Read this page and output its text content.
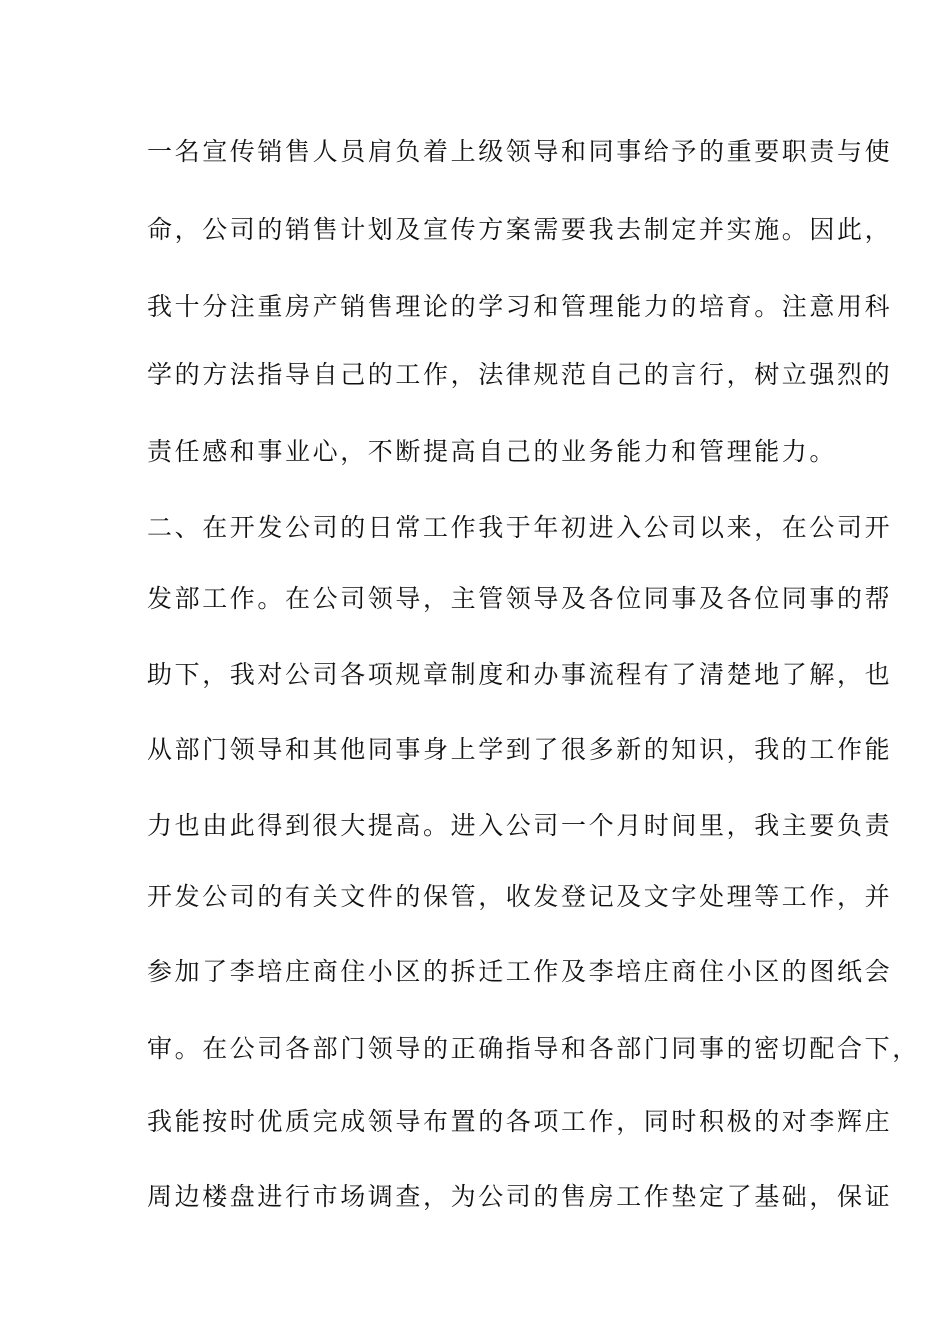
一名宣传销售人员肩负着上级领导和同事给予的重要职责与使
命，公司的销售计划及宣传方案需要我去制定并实施。因此，
我十分注重房产销售理论的学习和管理能力的培育。注意用科
学的方法指导自己的工作，法律规范自己的言行，树立强烈的
责任感和事业心，不断提高自己的业务能力和管理能力。
二、在开发公司的日常工作我于年初进入公司以来，在公司开
发部工作。在公司领导，主管领导及各位同事及各位同事的帮
助下，我对公司各项规章制度和办事流程有了清楚地了解，也
从部门领导和其他同事身上学到了很多新的知识，我的工作能
力也由此得到很大提高。进入公司一个月时间里，我主要负责
开发公司的有关文件的保管，收发登记及文字处理等工作，并
参加了李培庄商住小区的拆迁工作及李培庄商住小区的图纸会
审。在公司各部门领导的正确指导和各部门同事的密切配合下，
我能按时优质完成领导布置的各项工作，同时积极的对李辉庄
周边楼盘进行市场调查，为公司的售房工作垫定了基础，保证
